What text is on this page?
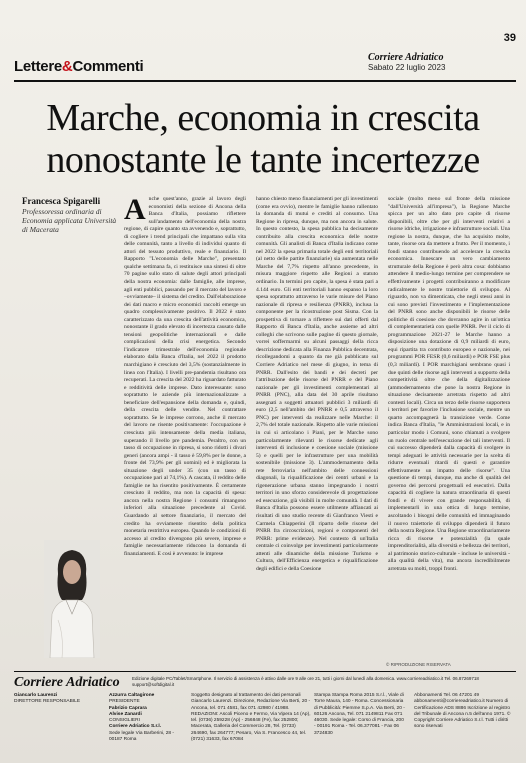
39
Lettere&Commenti
Corriere Adriatico
Sabato 22 luglio 2023
Marche, economia in crescita
nonostante le tante incertezze
Francesca Spigarelli
Professoressa ordinaria di Economia applicata Università di Macerata
Anche quest'anno, grazie al lavoro degli economisti della sezione di Ancona della Banca d'Italia, possiamo riflettere sull'andamento dell'economia della nostra regione, di capire quanto sta avvenendo e, soprattutto, di cogliere i trend principali che impattano sulla vita delle comunità, tanto a livello di individui quanto di attori del tessuto produttivo, reale e finanziario. Il Rapporto "L'economia delle Marche", presentato qualche settimana fa, ci restituisce una sintesi di oltre 70 pagine sullo stato di salute degli attori principali della nostra economia: dalle famiglie, alle imprese, agli enti pubblici, passando per il mercato del lavoro e –ovviamente– il sistema del credito. Dall'elaborazione dei dati macro e micro economici raccolti emerge un quadro complessivamente positivo. Il 2022 è stato caratterizzato da una crescita dell'attività economica, nonostante il grado elevato di incertezza causato dalle tensioni geopolitiche internazionali e dalle complicazioni della crisi energetica. Secondo l'indicatore trimestrale dell'economia regionale elaborato dalla Banca d'Italia, nel 2022 il prodotto marchigiano è cresciuto del 3,5% (sostanzialmente in linea con l'Italia). I livelli pre-pandemia risultano ora recuperati. La crescita del 2022 ha riguardato fatturato e redditività delle imprese. Dato interessante: sono soprattutto le aziende più internazionalizzate a beneficiare dell'espansione della domanda e, quindi, della crescita delle vendite. Nel contrattare soprattutto. Se le imprese corrono, anche il mercato del lavoro ne risente positivamente: l'occupazione è cresciuta più intensamente della media italiana, superando il livello pre pandemia. Peraltro, con un tasso di occupazione in ripresa, si sono ridotti i divari generi (ancora ampi - il tasso è 59,8% per le donne, a fronte del 73,9% per gli uomini) ed è migliorata la situazione degli under 35 (con un tasso di occupazione pari al 74,1%). A cascata, il reddito delle famiglie ne ha risentito positivamente. È certamente cresciuto il reddito, ma non la capacità di spesa: ancora nella nostra Regione i consumi rimangono inferiori alla situazione precedente al Covid. Guardando al settore finanziario, il mercato del credito ha ovviamente risentito della politica monetaria restrittiva europea. Quando le condizioni di accesso al credito divengono più severe, imprese e famiglie necessariamente riducono la domanda di finanziamenti. E così è avvenuto: le imprese
hanno chiesto meno finanziamenti per gli investimenti (come era ovvio), mentre le famiglie hanno rallentato la domanda di mutui e crediti al consumo. Una Regione in ripresa, dunque, ma non ancora in salute. In questo contesto, la spesa pubblica ha decisamente contribuito alla crescita economica delle nostre comunità. Gli analisti di Banca d'Italia indicano come nel 2022 la spesa primaria totale degli enti territoriali (al netto delle partite finanziarie) sia aumentata nelle Marche del 7,7% rispetto all'anno precedente, in misura maggiore rispetto alle Regioni a statuto ordinario. In termini pro capite, la spesa è stata pari a 4.144 euro. Gli enti territoriali hanno espanso la loro spesa soprattutto attraverso le varie misure del Piano nazionale di ripresa e resilienza (PNRR), inclusa la componente per la ricostruzione post Sisma. Con la prospettiva di tornare a riflettere sui dati offerti dal Rapporto di Banca d'Italia, anche assieme ad altri colleghi che scrivono sulle pagine di questo giornale, vorrei soffermarmi su alcuni passaggi della ricca descrizione dedicata alla Finanza Pubblica decentrata, ricollegandomi a quanto da me già pubblicato sul Corriere Adriatico nel mese di giugno, in tema di PNRR. Dall'esito dei bandi e dei decreti per l'attribuzione delle risorse del PNRR e del Piano nazionale per gli investimenti complementari al PNRR (PNC), alla data del 30 aprile risultano assegnati a soggetti attuatori pubblici 3 miliardi di euro (2,5 nell'ambito del PNRR e 0,5 attraverso il PNC) per interventi da realizzare nelle Marche: il 2,7% del totale nazionale. Rispetto alle varie missioni in cui si articolano i Piani, per le Marche sono particolarmente rilevanti le risorse dedicate agli interventi di inclusione e coesione sociale (missione 5) e quelli per le infrastrutture per una mobilità sostenibile (missione 3). L'ammodernamento della rete ferroviaria nell'ambito delle connessioni diagonali, la riqualificazione dei centri urbani e la rigenerazione urbana stanno impegnando i nostri territori in uno sforzo considerevole di progettazione ed esecuzione, già visibili in molte comunità. I dati di Banca d'Italia possono essere utilmente affiancati ai risultati di uno studio recente di Gianfranco Viesti e Carmela Chiapperini (Il riparto delle risorse del PNRR fra circoscrizioni, regioni e componenti del PNRR: prime evidenze). Nel contesto di un'Italia centrale ci coinvolge per investimenti particolarmente attenti alle dinamiche della missione Turismo e Cultura, dell'Efficienza energetica e riqualificazione degli edifici e della Coesione
sociale (molto meno sul fronte della missione "dall'Università all'impresa"), la Regione Marche spicca per un alto dato pro capite di risorse disponibili, oltre che per gli interventi relativi a risorse idriche, irrigazione e infrastrutture sociali. Una regione la nostra, dunque, che ha acquisito molte, tante, risorse ora da mettere a frutto. Per il momento, i fondi stanno contribuendo ad accelerare la crescita economica. Innescare un vero cambiamento strutturale della Regione è però altra cosa: dobbiamo attendere il medio-lungo termine per comprendere se effettivamente i progetti contribuiranno a modificare radicalmente le nostre traiettorie di sviluppo. Al riguardo, non va dimenticata, che negli stessi anni in cui sono previsti l'investimento e l'implementazione del PNRR sono anche disponibili le risorse delle politiche di coesione che dovranno agire in un'ottica di complementarietà con quelle PNRR. Per il ciclo di programmazione 2021-27 le Marche hanno a disposizione una dotazione di 0,9 miliardi di euro, equi ripartita tra contributo europeo e nazionale, nei programmi POR FESR (0,6 miliardi) e POR FSE plus (0,3 miliardi). I POR marchigiani sembrano quasi i due quinti delle risorse agli interventi a supporto della competitività oltre che della digitalizzazione (ammodernamento che pone la nostra Regione in situazione decisamente arretrata rispetto ad altri contesti locali). Circa un terzo delle risorse supportera i territori per favorire l'inclusione sociale, mentre un quarto accompagnerà la transizione verde. Come indica Banca d'Italia, "le Amministrazioni locali, e in particolar modo i Comuni, sono chiamati a svolgere un ruolo centrale nell'esecuzione dei tali interventi. Il cui successo dipenderà dalla capacità di svolgere in tempi adeguati le attività necessarie per la scelta di ridurre eventuali ritardi di questi e garantire effettivamente un impatto delle risorse". Una questione di tempi, dunque, ma anche di qualità del governo dei percorsi progettuali ed esecutivi. Dalla capacità di cogliere la natura straordinaria di questi fondi e di vivere con grande responsabilità, di implementarli in una ottica di lungo termine, ascoltando i bisogni delle comunità ed immaginando il nuovo traiettorie di sviluppo dipenderà il futuro della nostra Regione. Una Regione straordinariamente ricca di risorse e potenzialità (la quale imprenditorialità, alla diversità e bellezza dei territori, al patrimonio storico-culturale - incluse le università - alla qualità della vita), ma ancora incredibilmente arretrata su molti, troppi fronti.
© RIPRODUZIONE RISERVATA
Corriere Adriatico	Edizione digitale PC/Tablet/Smartphone. Il servizio di assistenza è attivo dalle ore 9 alle ore 21, tutti i giorni dal lunedì alla domenica. www.corriereadriatico.it Tel. 06.87269718 support@softdigital.it
Giancarlo Laurenzi
DIRETTORE RESPONSABILE
Azzurra Caltagirone
PRESIDENTE
Fabrizio Caprara
Alvise Zanardi
CONSIGLIERI
Corriere Adriatico S.r.l.
Sede legale Via Barberini, 28 - 00187 Roma
Soggetto designato al trattamento dei dati personali Giancarlo Laurenzi. Direzione, Redazione Via Berti, 20 - Ancona, tel. 071 4581, fax 071 42980 / 41988. REDAZIONI: Ascoli Piceno e Fermo, Via Vipera 14 (Ap), tel. (0736) 259228 (Ap) - 256848 (Fe), fax 252800; Macerata, Galleria del Commercio 28, Tel. (0733) 264690, fax 264777; Pesaro, Via S. Francesco 44, tel. (0721) 31633, fax 67084
Stampa Stampa Roma 2015 S.r.l., Viale di Torre Maura, 140 - Roma. Concessionaria di Pubblicità: Piemme S.p.A. Via Berti, 20 - 60126 Ancona, Tel. 071 2149811 Fax 071 46030. Sede legale: Corso di Francia, 200 - 00191 Roma - Tel. 06.377081 - Fax 06 3724830
Abbonamenti Tel. 06 47201 49 abbonamenti@corriereadriatico.it Numero di Certificazione ADS 8886 Iscrizione al registro del Tribunale di Ancona n.5 dell'anno 1971. © Copyright Corriere Adriatico S.r.l. Tutti i diritti sono riservati
